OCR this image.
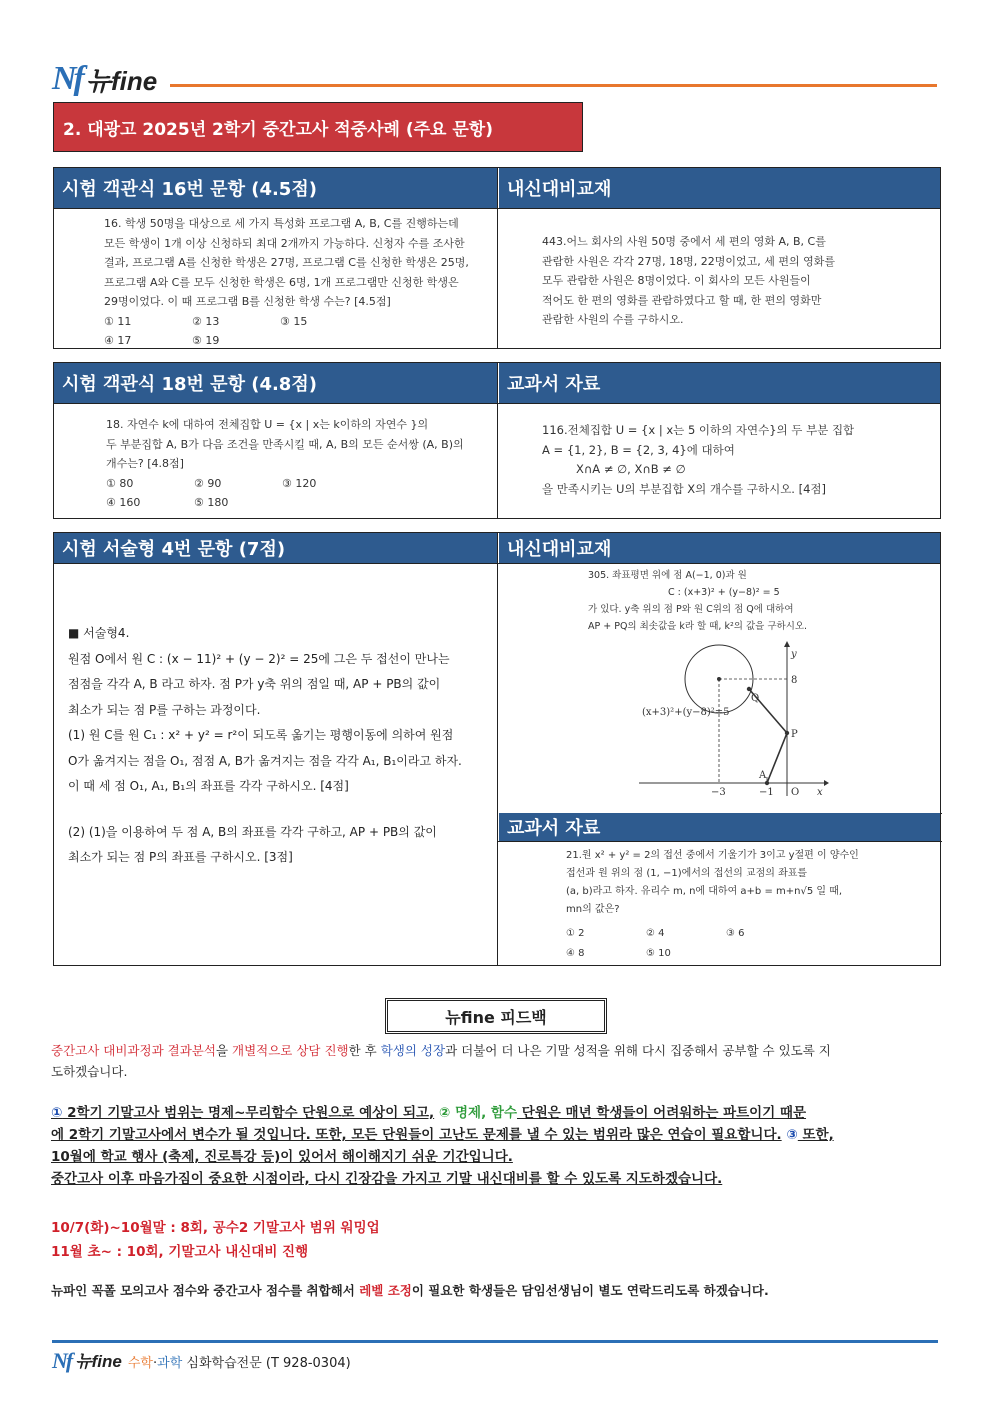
Nf 뉴fine
2. 대광고 2025년 2학기 중간고사 적중사례 (주요 문항)
시험 객관식 16번 문항 (4.5점)	내신대비교재
16. 학생 50명을 대상으로 세 가지 특성화 프로그램 A, B, C를 진행하는데
모든 학생이 1개 이상 신청하되 최대 2개까지 가능하다. 신청자 수를 조사한
결과, 프로그램 A를 신청한 학생은 27명, 프로그램 C를 신청한 학생은 25명,
프로그램 A와 C를 모두 신청한 학생은 6명, 1개 프로그램만 신청한 학생은
29명이었다. 이 때 프로그램 B를 신청한 학생 수는? [4.5점]
① 11	② 13	③ 15
④ 17	⑤ 19
443.어느 회사의 사원 50명 중에서 세 편의 영화 A, B, C를
관람한 사원은 각각 27명, 18명, 22명이었고, 세 편의 영화를
모두 관람한 사원은 8명이었다. 이 회사의 모든 사원들이
적어도 한 편의 영화를 관람하였다고 할 때, 한 편의 영화만
관람한 사원의 수를 구하시오.
시험 객관식 18번 문항 (4.8점)	교과서 자료
18. 자연수 k에 대하여 전체집합 U = {x | x는 k이하의 자연수 }의
두 부분집합 A, B가 다음 조건을 만족시킬 때, A, B의 모든 순서쌍 (A, B)의
개수는? [4.8점]
① 80	② 90	③ 120
④ 160	⑤ 180
116.전체집합 U = {x | x는 5 이하의 자연수}의 두 부분 집합
A = {1, 2}, B = {2, 3, 4}에 대하여
X∩A ≠ ∅, X∩B ≠ ∅
을 만족시키는 U의 부분집합 X의 개수를 구하시오. [4점]
시험 서술형 4번 문항 (7점)	내신대비교재
■ 서술형4.
원점 O에서 원 C : (x − 11)² + (y − 2)² = 25에 그은 두 접선이 만나는
점점을 각각 A, B 라고 하자. 점 P가 y축 위의 점일 때, AP + PB의 값이
최소가 되는 점 P를 구하는 과정이다.
(1) 원 C를 원 C₁ : x² + y² = r²이 되도록 옮기는 평행이동에 의하여 원점
O가 옮겨지는 점을 O₁, 점점 A, B가 옮겨지는 점을 각각 A₁, B₁이라고 하자.
이 때 세 점 O₁, A₁, B₁의 좌표를 각각 구하시오. [4점]
(2) (1)을 이용하여 두 점 A, B의 좌표를 각각 구하고, AP + PB의 값이
최소가 되는 점 P의 좌표를 구하시오. [3점]
305. 좌표평면 위에 점 A(−1, 0)과 원
C : (x+3)² + (y−8)² = 5
가 있다. y축 위의 점 P와 원 C위의 점 Q에 대하여
AP + PQ의 최솟값을 k라 할 때, k²의 값을 구하시오.
y
x
O
8
−3	−1
Q
P
A
(x+3)²+(y−8)²=5
교과서 자료
21.원 x² + y² = 2의 접선 중에서 기울기가 3이고 y절편 이 양수인
접선과 원 위의 점 (1, −1)에서의 접선의 교점의 좌표를
(a, b)라고 하자. 유리수 m, n에 대하여 a+b = m+n√5 일 때,
mn의 값은?
① 2	② 4	③ 6
④ 8	⑤ 10
뉴fine 피드백
중간고사 대비과정과 결과분석을 개별적으로 상담 진행한 후 학생의 성장과 더불어 더 나은 기말 성적을 위해 다시 집중해서 공부할 수 있도록 지
도하겠습니다.
① 2학기 기말고사 범위는 명제~무리함수 단원으로 예상이 되고, ② 명제, 함수 단원은 매년 학생들이 어려워하는 파트이기 때문
에 2학기 기말고사에서 변수가 될 것입니다. 또한, 모든 단원들이 고난도 문제를 낼 수 있는 범위라 많은 연습이 필요합니다. ③ 또한,
10월에 학교 행사 (축제, 진로특강 등)이 있어서 해이해지기 쉬운 기간입니다.
중간고사 이후 마음가짐이 중요한 시점이라, 다시 긴장감을 가지고 기말 내신대비를 할 수 있도록 지도하겠습니다.
10/7(화)~10월말 : 8회, 공수2 기말고사 범위 워밍업
11월 초~ : 10회, 기말고사 내신대비 진행
뉴파인 꼭폴 모의고사 점수와 중간고사 점수를 취합해서 레벨 조정이 필요한 학생들은 담임선생님이 별도 연락드리도록 하겠습니다.
Nf 뉴fine 수학·과학 심화학습전문 (T 928-0304)
